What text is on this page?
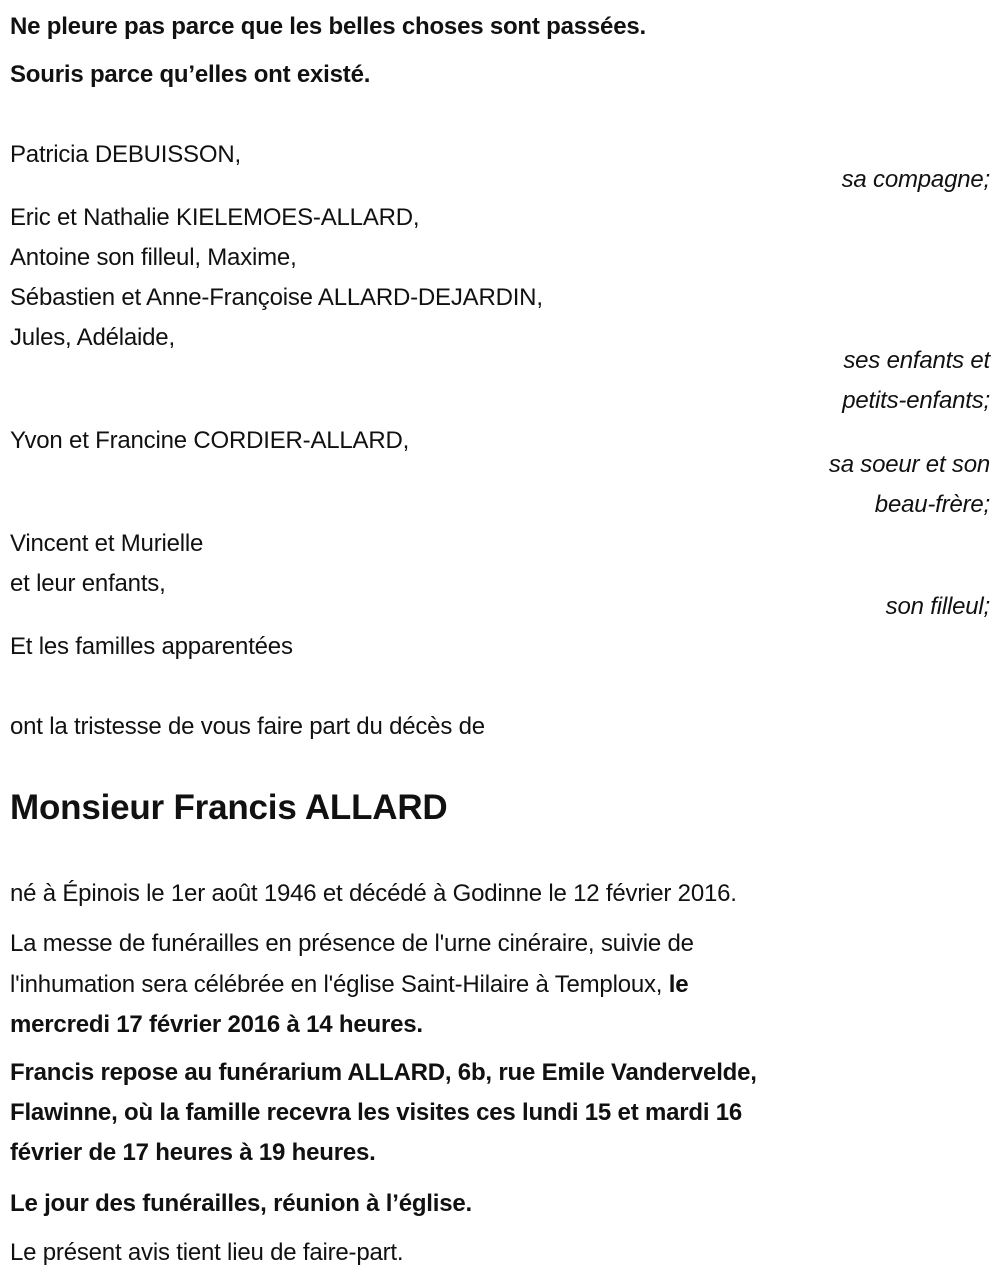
Ne pleure pas parce que les belles choses sont passées.
Souris parce qu’elles ont existé.
Patricia DEBUISSON,
sa compagne;
Eric et Nathalie KIELEMOES-ALLARD,
Antoine son filleul, Maxime,
Sébastien et Anne-Françoise ALLARD-DEJARDIN,
Jules, Adélaide,
ses enfants et
petits-enfants;
Yvon et Francine CORDIER-ALLARD,
sa soeur et son
beau-frère;
Vincent et Murielle
et leur enfants,
son filleul;
Et les familles apparentées
ont la tristesse de vous faire part du décès de
Monsieur Francis ALLARD
né à Épinois le 1er août 1946 et décédé à Godinne le 12 février 2016.
La messe de funérailles en présence de l'urne cinéraire, suivie de
l'inhumation sera célébrée en l'église Saint-Hilaire à Temploux, le
mercredi 17 février 2016 à 14 heures.
Francis repose au funérarium ALLARD, 6b, rue Emile Vandervelde,
Flawinne, où la famille recevra les visites ces lundi 15 et mardi 16
février de 17 heures à 19 heures.
Le jour des funérailles, réunion à l’église.
Le présent avis tient lieu de faire-part.
